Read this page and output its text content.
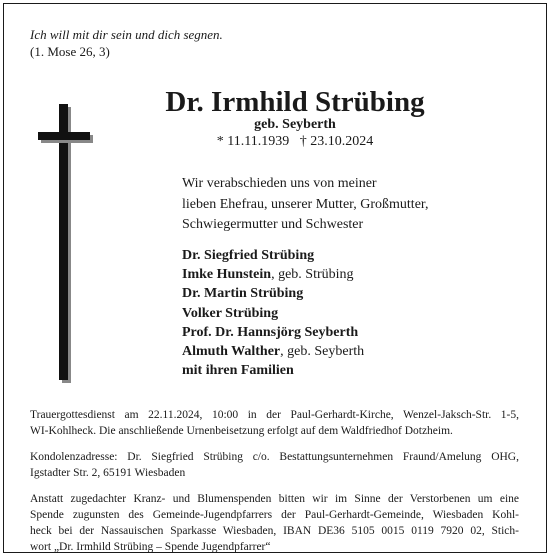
Ich will mit dir sein und dich segnen.
(1. Mose 26, 3)
Dr. Irmhild Strübing
geb. Seyberth
* 11.11.1939   † 23.10.2024
Wir verabschieden uns von meiner
lieben Ehefrau, unserer Mutter, Großmutter,
Schwiegermutter und Schwester
Dr. Siegfried Strübing
Imke Hunstein, geb. Strübing
Dr. Martin Strübing
Volker Strübing
Prof. Dr. Hannsjörg Seyberth
Almuth Walther, geb. Seyberth
mit ihren Familien
Trauergottesdienst am 22.11.2024, 10:00 in der Paul-Gerhardt-Kirche, Wenzel-Jaksch-Str. 1-5,
WI-Kohlheck. Die anschließende Urnenbeisetzung erfolgt auf dem Waldfriedhof Dotzheim.
Kondolenzadresse: Dr. Siegfried Strübing c/o. Bestattungsunternehmen Fraund/Amelung OHG,
Igstadter Str. 2, 65191 Wiesbaden
Anstatt zugedachter Kranz- und Blumenspenden bitten wir im Sinne der Verstorbenen um eine
Spende zugunsten des Gemeinde-Jugendpfarrers der Paul-Gerhardt-Gemeinde, Wiesbaden Kohl-
heck bei der Nassauischen Sparkasse Wiesbaden, IBAN DE36 5105 0015 0119 7920 02, Stich-
wort „Dr. Irmhild Strübing – Spende Jugendpfarrer“
